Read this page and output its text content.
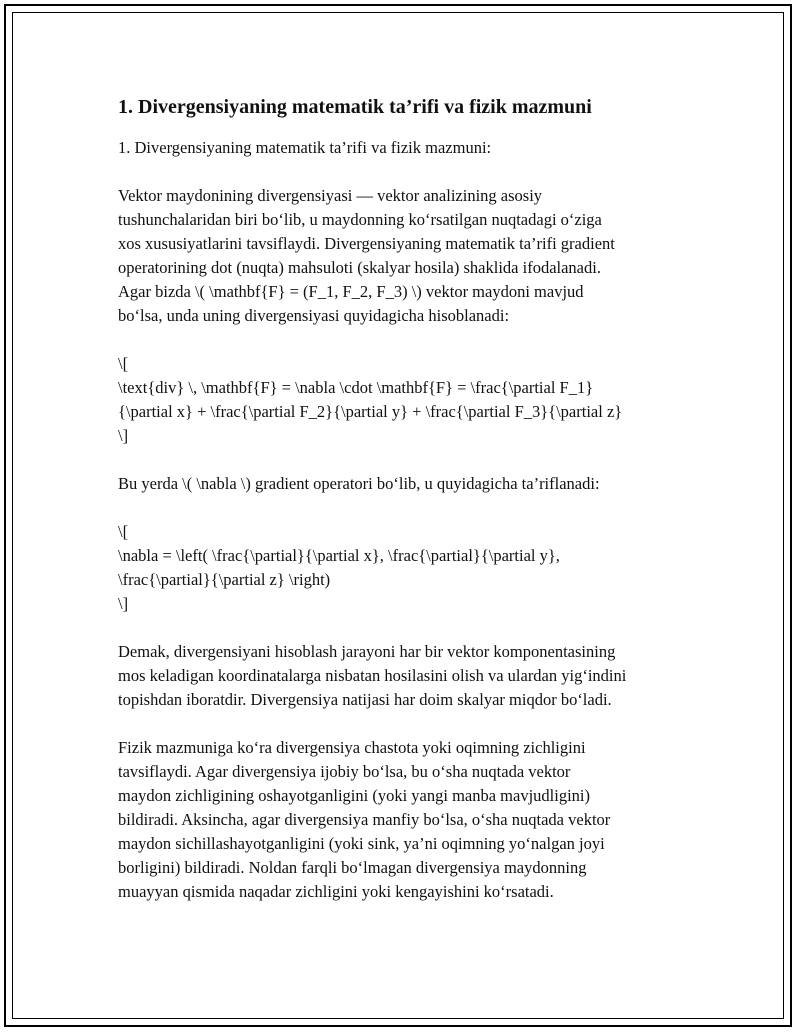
1. Divergensiyaning matematik ta’rifi va fizik mazmuni
1. Divergensiyaning matematik ta’rifi va fizik mazmuni:
Vektor maydonining divergensiyasi — vektor analizining asosiy
tushunchalaridan biri bo‘lib, u maydonning ko‘rsatilgan nuqtadagi o‘ziga
xos xususiyatlarini tavsiflaydi. Divergensiyaning matematik ta’rifi gradient
operatorining dot (nuqta) mahsuloti (skalyar hosila) shaklida ifodalanadi.
Agar bizda \( \mathbf{F} = (F_1, F_2, F_3) \) vektor maydoni mavjud
bo‘lsa, unda uning divergensiyasi quyidagicha hisoblanadi:
\[
\text{div} \, \mathbf{F} = \nabla \cdot \mathbf{F} = \frac{\partial F_1}
{\partial x} + \frac{\partial F_2}{\partial y} + \frac{\partial F_3}{\partial z}
\]
Bu yerda \( \nabla \) gradient operatori bo‘lib, u quyidagicha ta’riflanadi:
\[
\nabla = \left( \frac{\partial}{\partial x}, \frac{\partial}{\partial y},
\frac{\partial}{\partial z} \right)
\]
Demak, divergensiyani hisoblash jarayoni har bir vektor komponentasining
mos keladigan koordinatalarga nisbatan hosilasini olish va ulardan yig‘indini
topishdan iboratdir. Divergensiya natijasi har doim skalyar miqdor bo‘ladi.
Fizik mazmuniga ko‘ra divergensiya chastota yoki oqimning zichligini
tavsiflaydi. Agar divergensiya ijobiy bo‘lsa, bu o‘sha nuqtada vektor
maydon zichligining oshayotganligini (yoki yangi manba mavjudligini)
bildiradi. Aksincha, agar divergensiya manfiy bo‘lsa, o‘sha nuqtada vektor
maydon sichillashayotganligini (yoki sink, ya’ni oqimning yo‘nalgan joyi
borligini) bildiradi. Noldan farqli bo‘lmagan divergensiya maydonning
muayyan qismida naqadar zichligini yoki kengayishini ko‘rsatadi.
